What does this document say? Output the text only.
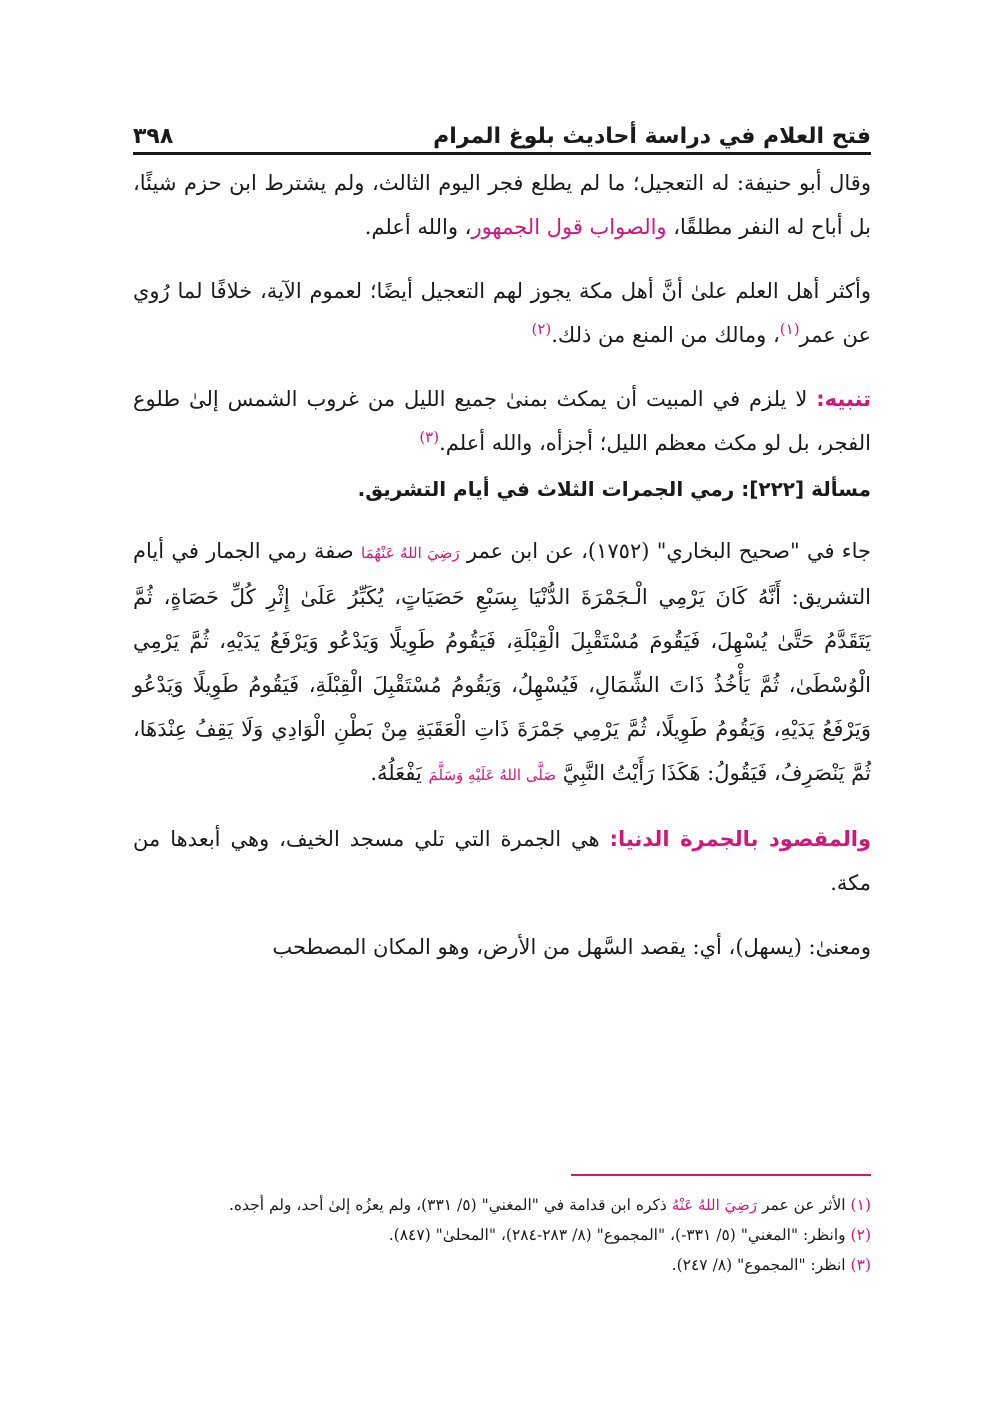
فتح العلام في دراسة أحاديث بلوغ المرام
٣٩٨

وقال أبو حنيفة: له التعجيل؛ ما لم يطلع فجر اليوم الثالث، ولم يشترط ابن حزم شيئًا، بل أباح له النفر مطلقًا، والصواب قول الجمهور، والله أعلم.

وأكثر أهل العلم علىٰ أنَّ أهل مكة يجوز لهم التعجيل أيضًا؛ لعموم الآية، خلافًا لما رُوي عن عمر$^{(١)}$، ومالك من المنع من ذلك.$^{(٢)}$

تنبيه: لا يلزم في المبيت أن يمكث بمنىٰ جميع الليل من غروب الشمس إلىٰ طلوع الفجر، بل لو مكث معظم الليل؛ أجزأه، والله أعلم.$^{(٣)}$

مسألة [٢٢٢]: رمي الجمرات الثلاث في أيام التشريق.

جاء في "صحيح البخاري" (١٧٥٢)، عن ابن عمر رَضِيَ اللهُ عَنْهُمَا صفة رمي الجمار في أيام التشريق: أَنَّهُ كَانَ يَرْمِي الْـجَمْرَةَ الدُّنْيَا بِسَبْعِ حَصَيَاتٍ، يُكَبِّرُ عَلَىٰ إِثْرِ كُلِّ حَصَاةٍ، ثُمَّ يَتَقَدَّمُ حَتَّىٰ يُسْهِلَ، فَيَقُومَ مُسْتَقْبِلَ الْقِبْلَةِ، فَيَقُومُ طَوِيلًا وَيَدْعُو وَيَرْفَعُ يَدَيْهِ، ثُمَّ يَرْمِي الْوُسْطَىٰ، ثُمَّ يَأْخُذُ ذَاتَ الشِّمَالِ، فَيُسْهِلُ، وَيَقُومُ مُسْتَقْبِلَ الْقِبْلَةِ، فَيَقُومُ طَوِيلًا وَيَدْعُو وَيَرْفَعُ يَدَيْهِ، وَيَقُومُ طَوِيلًا، ثُمَّ يَرْمِي جَمْرَةَ ذَاتِ الْعَقَبَةِ مِنْ بَطْنِ الْوَادِي وَلَا يَقِفُ عِنْدَهَا، ثُمَّ يَنْصَرِفُ، فَيَقُولُ: هَكَذَا رَأَيْتُ النَّبِيَّ صَلَّى اللهُ عَلَيْهِ وَسَلَّمَ يَفْعَلُهُ.

والمقصود بالجمرة الدنيا: هي الجمرة التي تلي مسجد الخيف، وهي أبعدها من مكة.

ومعنىٰ: (يسهل)، أي: يقصد السَّهل من الأرض، وهو المكان المصطحب

(١) الأثر عن عمر رَضِيَ اللهُ عَنْهُ ذكره ابن قدامة في "المغني" (٥/ ٣٣١)، ولم يعزُه إلىٰ أحد، ولم أجده.

(٢) وانظر: "المغني" (٥/ ٣٣١-)، "المجموع" (٨/ ٢٨٣-٢٨٤)، "المحلىٰ" (٨٤٧).

(٣) انظر: "المجموع" (٨/ ٢٤٧).
